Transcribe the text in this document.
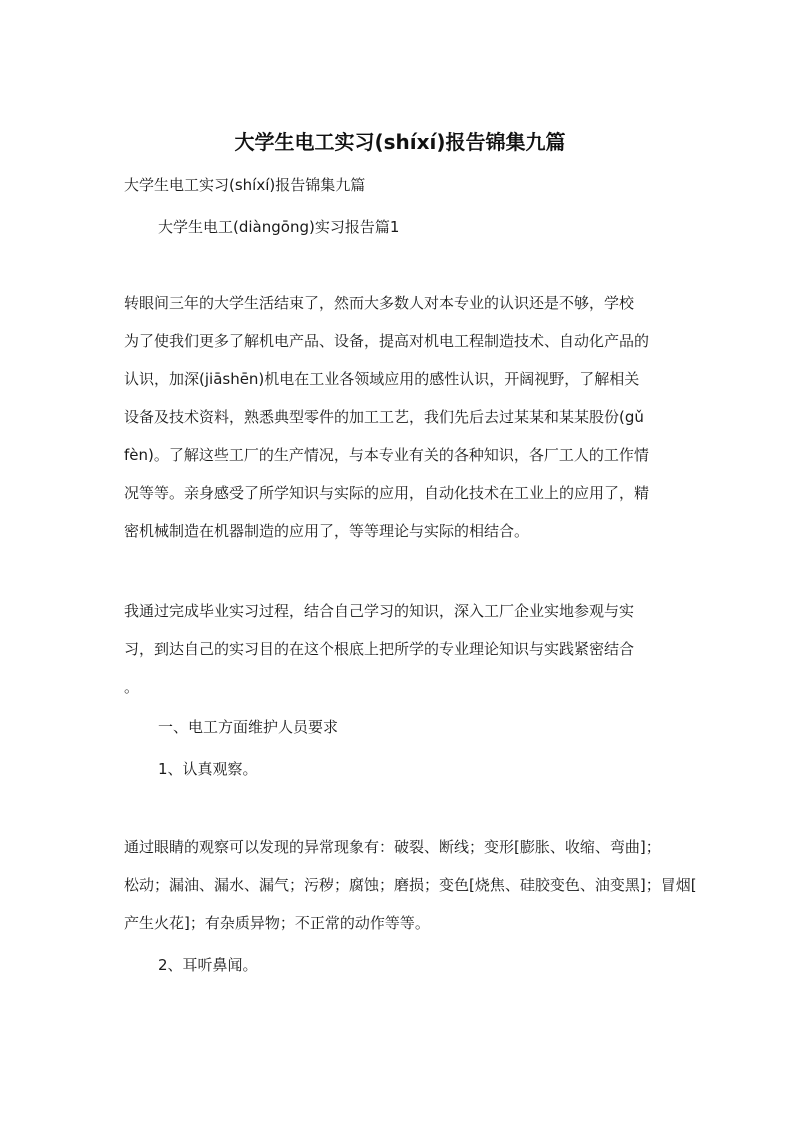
大学生电工实习(shíxí)报告锦集九篇
大学生电工实习(shíxí)报告锦集九篇
大学生电工(diàngōng)实习报告篇1
转眼间三年的大学生活结束了，然而大多数人对本专业的认识还是不够，学校
为了使我们更多了解机电产品、设备，提高对机电工程制造技术、自动化产品的
认识，加深(jiāshēn)机电在工业各领域应用的感性认识，开阔视野，了解相关
设备及技术资料，熟悉典型零件的加工工艺，我们先后去过某某和某某股份(gǔ
fèn)。了解这些工厂的生产情况，与本专业有关的各种知识，各厂工人的工作情
况等等。亲身感受了所学知识与实际的应用，自动化技术在工业上的应用了，精
密机械制造在机器制造的应用了，等等理论与实际的相结合。
我通过完成毕业实习过程，结合自己学习的知识，深入工厂企业实地参观与实
习，到达自己的实习目的在这个根底上把所学的专业理论知识与实践紧密结合
。
一、电工方面维护人员要求
1、认真观察。
通过眼睛的观察可以发现的异常现象有：破裂、断线；变形[膨胀、收缩、弯曲]；
松动；漏油、漏水、漏气；污秽；腐蚀；磨损；变色[烧焦、硅胶变色、油变黑]；冒烟[
产生火花]；有杂质异物；不正常的动作等等。
2、耳听鼻闻。
